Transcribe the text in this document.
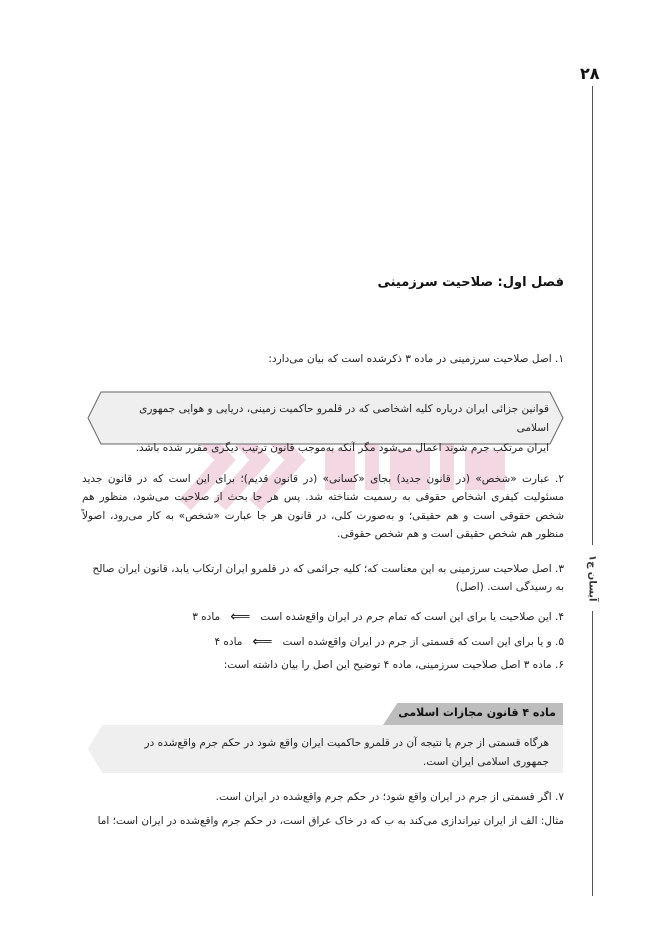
۲۸
آیسان چ۱
فصل اول: صلاحیت سرزمینی
۱. اصل صلاحیت سرزمینی در ماده ۳ ذکرشده است که بیان می‌دارد:
قوانین جزائی ایران درباره کلیه اشخاصی که در قلمرو حاکمیت زمینی، دریایی و هوایی جمهوری اسلامی
ایران مرتکب جرم شوند اعمال می‌شود مگر آنکه به‌موجب قانون ترتیب دیگری مقرر شده باشد.
۲. عبارت «شخص» (در قانون جدید) بجای «کسانی» (در قانون قدیم)؛ برای این است که در قانون جدید مسئولیت کیفری اشخاص حقوقی به رسمیت شناخته شد. پس هر جا بحث از صلاحیت می‌شود، منظور هم شخص حقوقی است و هم حقیقی؛ و به‌صورت کلی، در قانون هر جا عبارت «شخص» به کار می‌رود، اصولاً منظور هم شخص حقیقی است و هم شخص حقوقی.
۳. اصل صلاحیت سرزمینی به این معناست که؛ کلیه جرائمی که در قلمرو ایران ارتکاب یابد، قانون ایران صالح به رسیدگی است. (اصل)
۴. این صلاحیت یا برای این است که تمام جرم در ایران واقع‌شده است
⟸
ماده ۳
۵. و یا برای این است که قسمتی از جرم در ایران واقع‌شده است
⟸
ماده ۴
۶. ماده ۳ اصل صلاحیت سرزمینی، ماده ۴ توضیح این اصل را بیان داشته است:
ماده ۴ قانون مجازات اسلامی
هرگاه قسمتی از جرم یا نتیجه آن در قلمرو حاکمیت ایران واقع شود در حکم جرم واقع‌شده در
جمهوری اسلامی ایران است.
۷. اگر قسمتی از جرم در ایران واقع شود؛ در حکم جرم واقع‌شده در ایران است.
مثال: الف از ایران تیراندازی می‌کند به ب که در خاک عراق است، در حکم جرم واقع‌شده در ایران است؛ اما
